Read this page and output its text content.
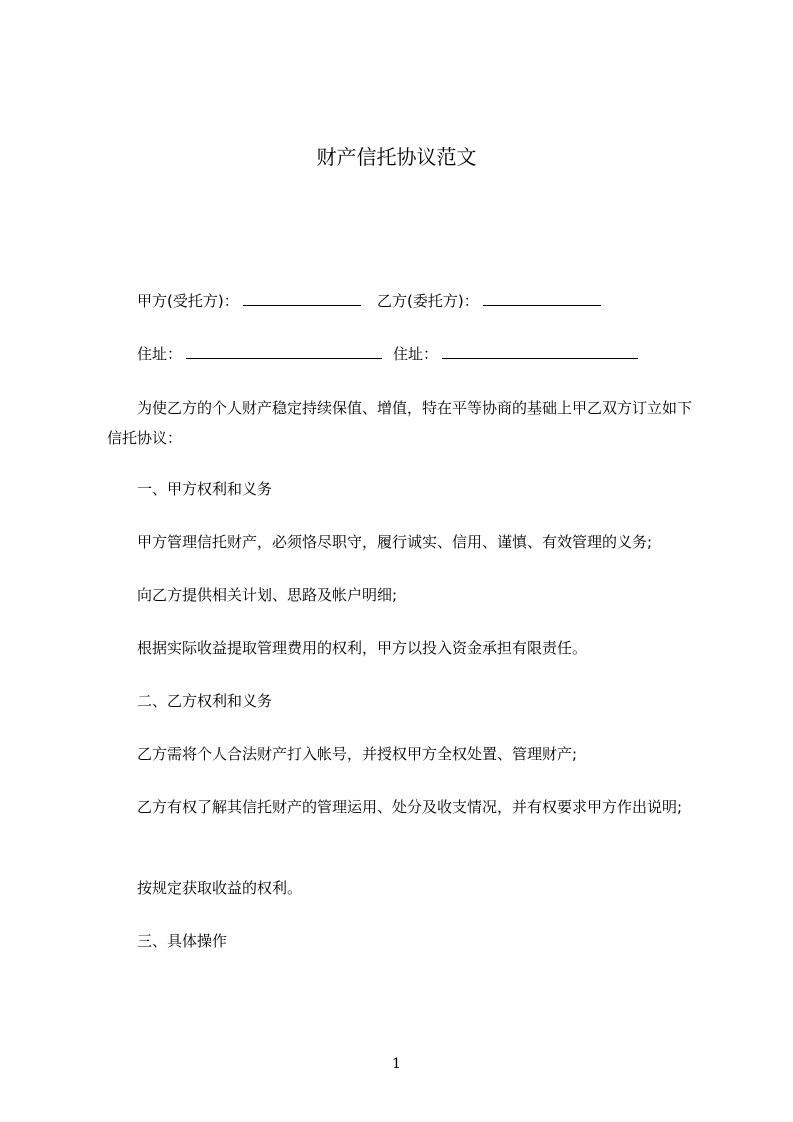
财产信托协议范文
甲方(受托方)：	乙方(委托方)：
住址：	住址：
为使乙方的个人财产稳定持续保值、增值，特在平等协商的基础上甲乙双方订立如下信托协议：
一、甲方权利和义务
甲方管理信托财产，必须恪尽职守，履行诚实、信用、谨慎、有效管理的义务;
向乙方提供相关计划、思路及帐户明细;
根据实际收益提取管理费用的权利，甲方以投入资金承担有限责任。
二、乙方权利和义务
乙方需将个人合法财产打入帐号，并授权甲方全权处置、管理财产;
乙方有权了解其信托财产的管理运用、处分及收支情况，并有权要求甲方作出说明;
按规定获取收益的权利。
三、具体操作
1
